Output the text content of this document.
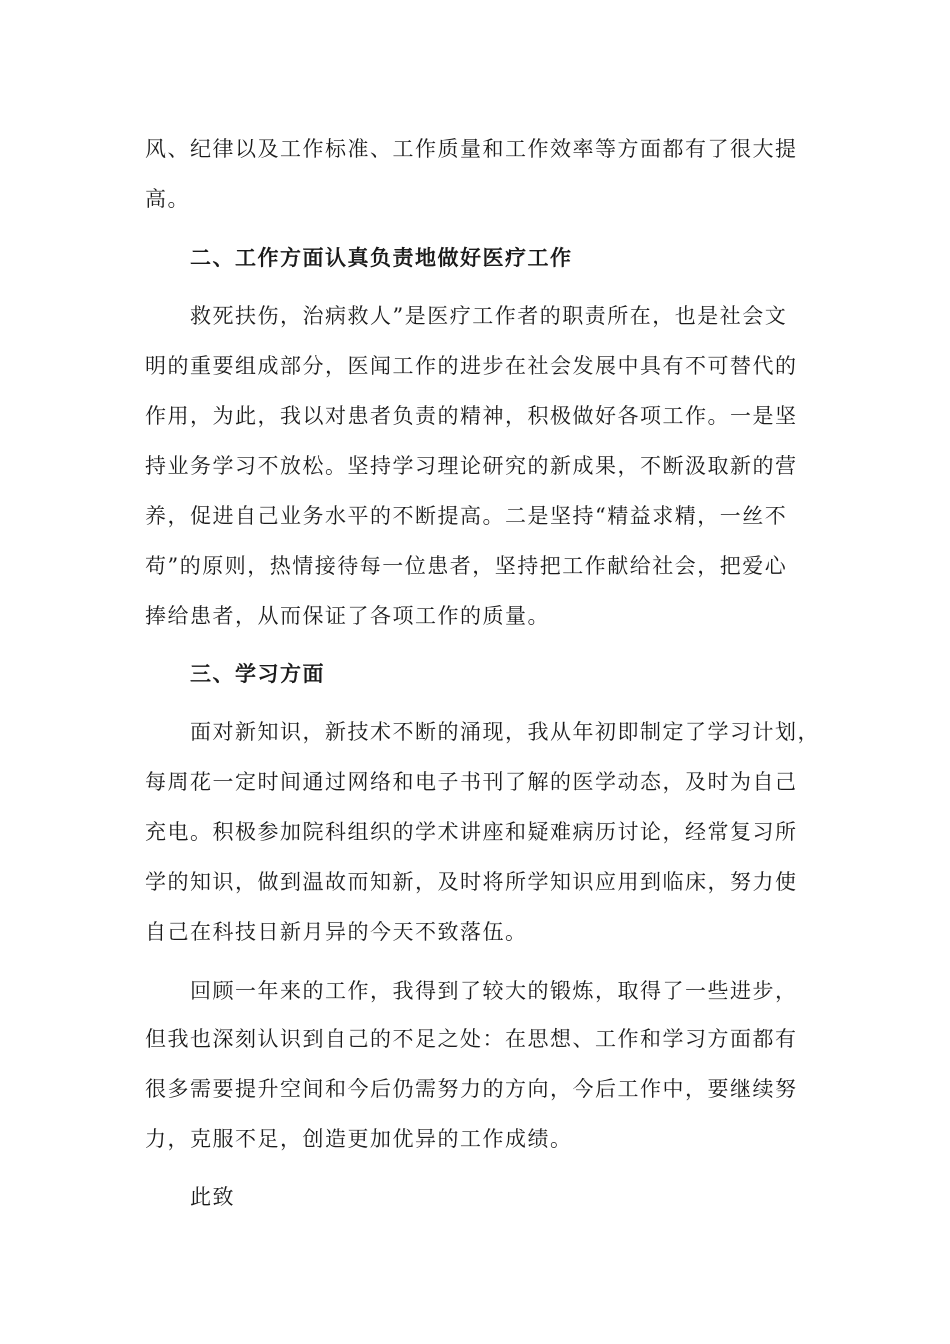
风、纪律以及工作标准、工作质量和工作效率等方面都有了很大提
高。
二、工作方面认真负责地做好医疗工作
救死扶伤，治病救人”是医疗工作者的职责所在，也是社会文
明的重要组成部分，医闻工作的进步在社会发展中具有不可替代的
作用，为此，我以对患者负责的精神，积极做好各项工作。一是坚
持业务学习不放松。坚持学习理论研究的新成果，不断汲取新的营
养，促进自己业务水平的不断提高。二是坚持“精益求精，一丝不
苟”的原则，热情接待每一位患者，坚持把工作献给社会，把爱心
捧给患者，从而保证了各项工作的质量。
三、学习方面
面对新知识，新技术不断的涌现，我从年初即制定了学习计划，
每周花一定时间通过网络和电子书刊了解的医学动态，及时为自己
充电。积极参加院科组织的学术讲座和疑难病历讨论，经常复习所
学的知识，做到温故而知新，及时将所学知识应用到临床，努力使
自己在科技日新月异的今天不致落伍。
回顾一年来的工作，我得到了较大的锻炼，取得了一些进步，
但我也深刻认识到自己的不足之处：在思想、工作和学习方面都有
很多需要提升空间和今后仍需努力的方向，今后工作中，要继续努
力，克服不足，创造更加优异的工作成绩。
此致
